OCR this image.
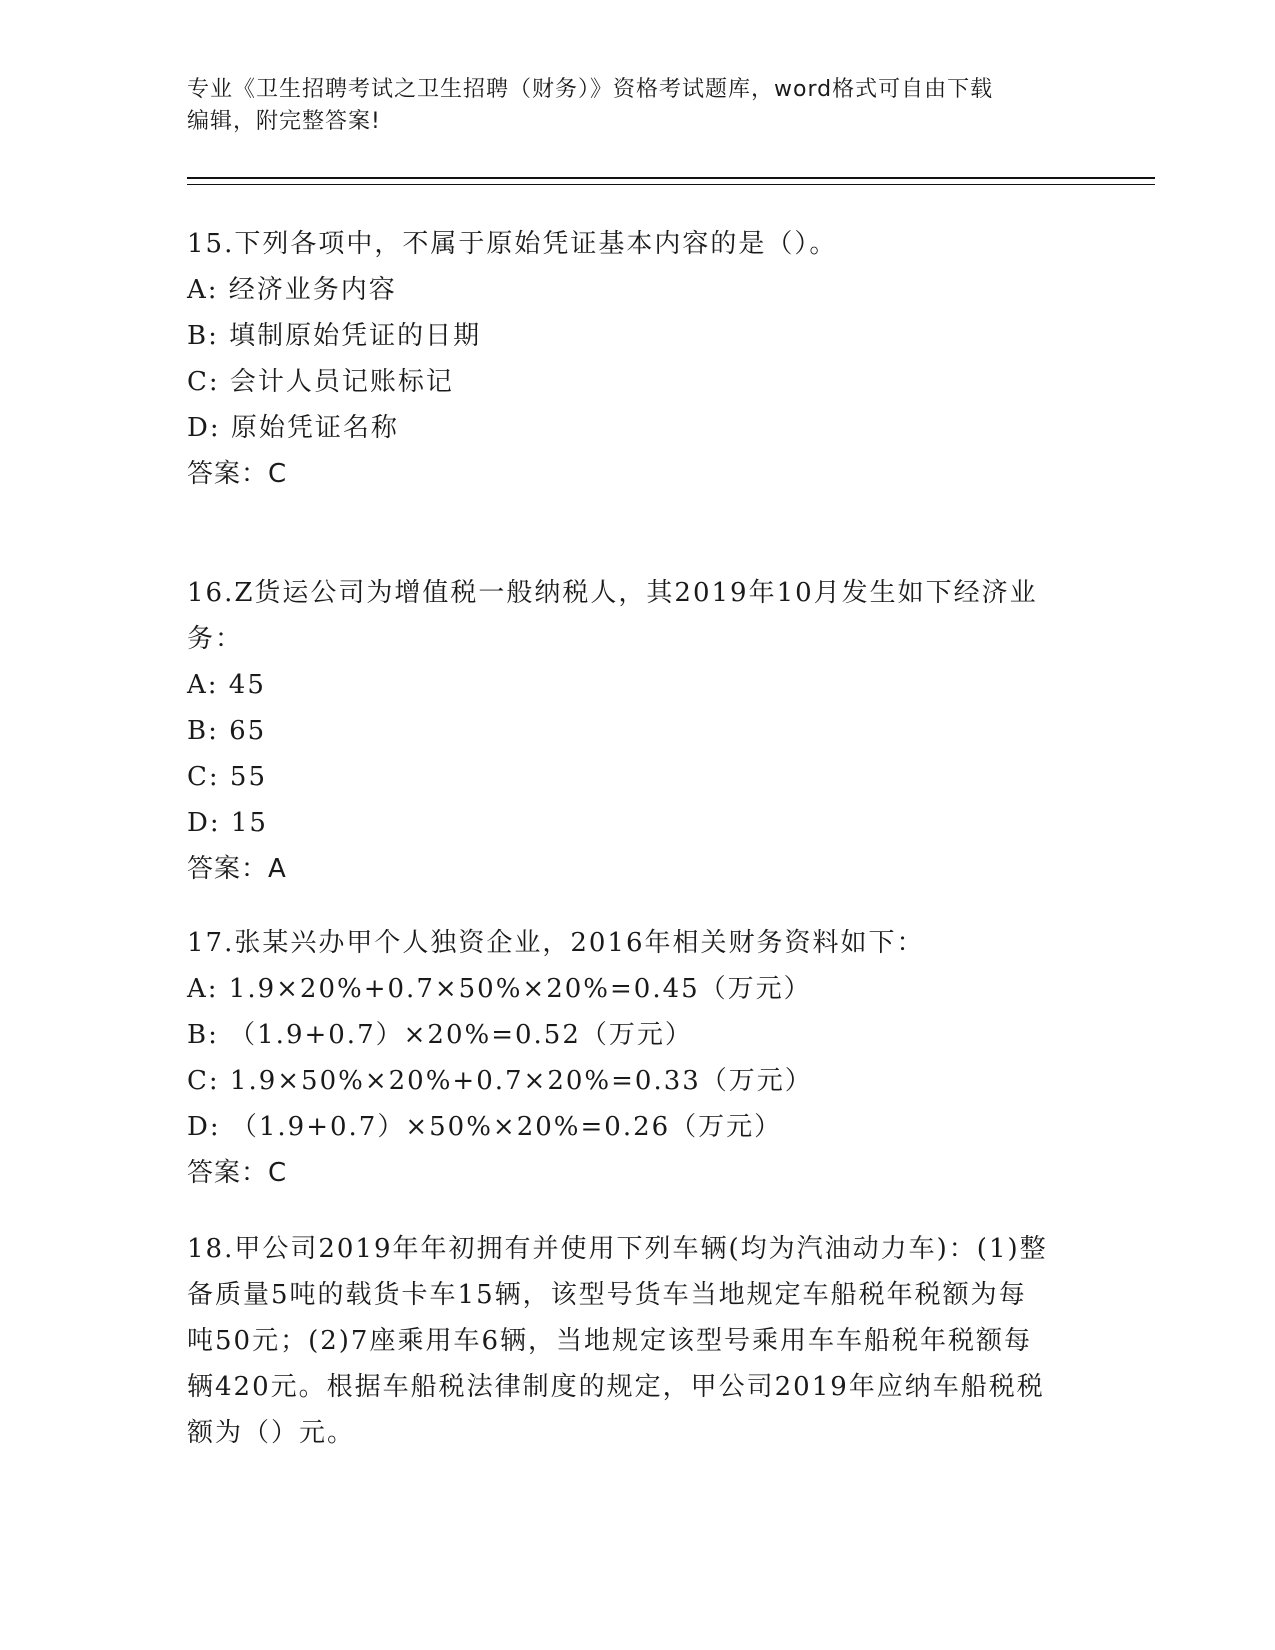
专业《卫生招聘考试之卫生招聘（财务）》资格考试题库，word格式可自由下载
编辑，附完整答案!
15.下列各项中，不属于原始凭证基本内容的是（）。
A: 经济业务内容
B: 填制原始凭证的日期
C: 会计人员记账标记
D: 原始凭证名称
答案：C
16.Z货运公司为增值税一般纳税人，其2019年10月发生如下经济业
务：
A: 45
B: 65
C: 55
D: 15
答案：A
17.张某兴办甲个人独资企业，2016年相关财务资料如下：
A: 1.9×20%+0.7×50%×20%=0.45（万元）
B: （1.9+0.7）×20%=0.52（万元）
C: 1.9×50%×20%+0.7×20%=0.33（万元）
D: （1.9+0.7）×50%×20%=0.26（万元）
答案：C
18.甲公司2019年年初拥有并使用下列车辆(均为汽油动力车)：(1)整
备质量5吨的载货卡车15辆，该型号货车当地规定车船税年税额为每
吨50元；(2)7座乘用车6辆，当地规定该型号乘用车车船税年税额每
辆420元。根据车船税法律制度的规定，甲公司2019年应纳车船税税
额为（）元。
